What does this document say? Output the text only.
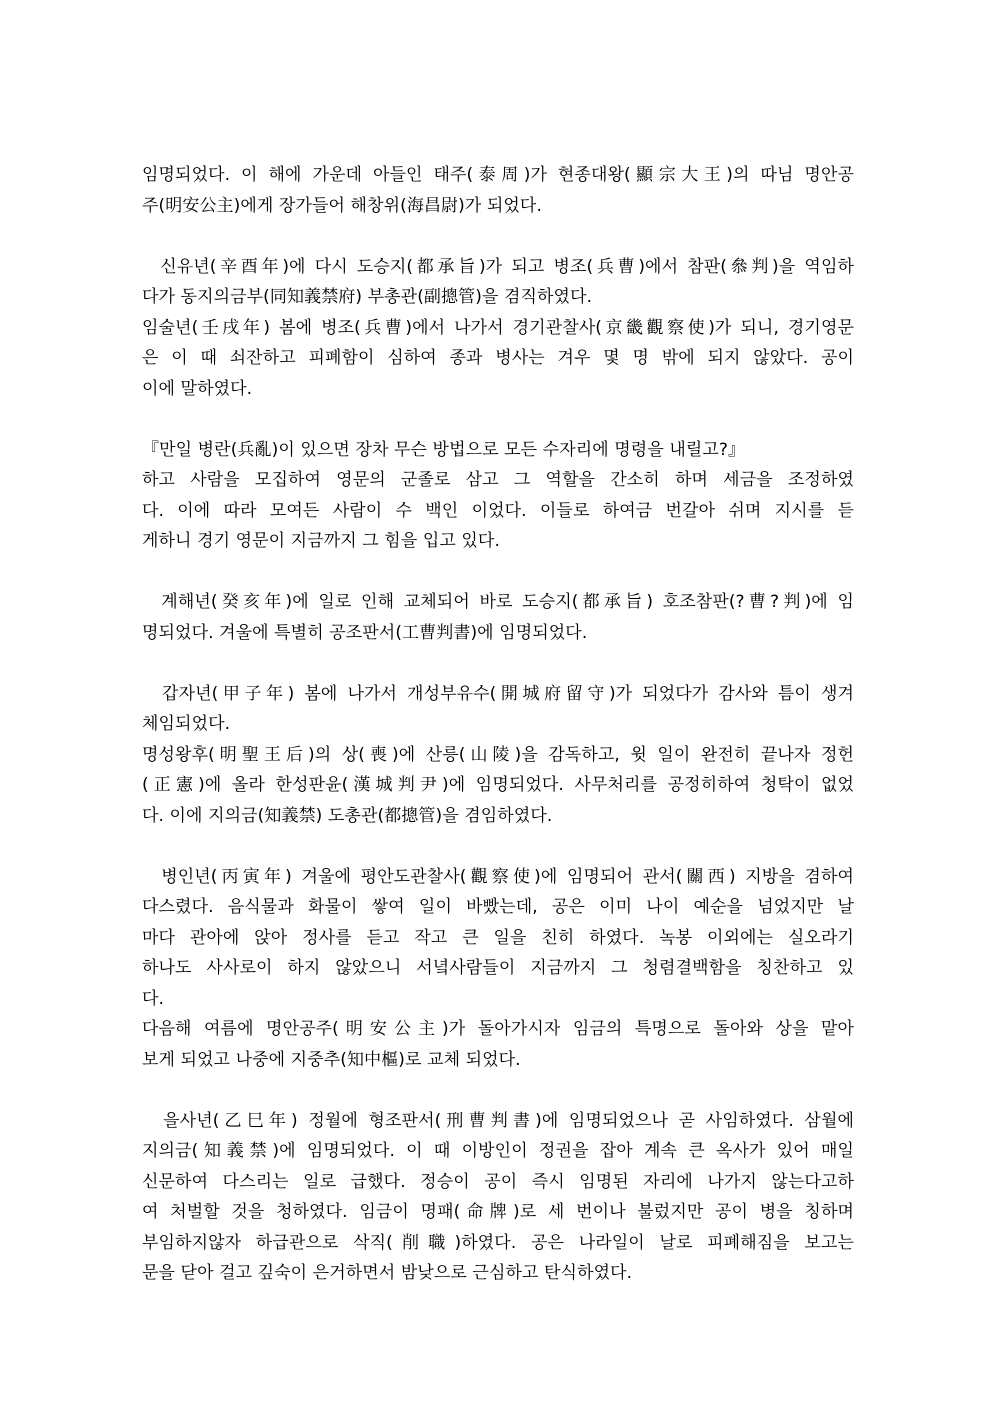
임명되었다. 이 해에 가운데 아들인 태주(泰周)가 현종대왕(顯宗大王)의 따님 명안공
주(明安公主)에게 장가들어 해창위(海昌尉)가 되었다.
신유년(辛酉年)에 다시 도승지(都承旨)가 되고 병조(兵曹)에서 참판(叅判)을 역임하
다가 동지의금부(同知義禁府) 부총관(副摠管)을 겸직하였다.
임술년(壬戌年) 봄에 병조(兵曹)에서 나가서 경기관찰사(京畿觀察使)가 되니, 경기영문
은 이 때 쇠잔하고 피폐함이 심하여 종과 병사는 겨우 몇 명 밖에 되지 않았다. 공이
이에 말하였다.
『만일 병란(兵亂)이 있으면 장차 무슨 방법으로 모든 수자리에 명령을 내릴고?』
하고 사람을 모집하여 영문의 군졸로 삼고 그 역할을 간소히 하며 세금을 조정하였
다. 이에 따라 모여든 사람이 수 백인 이었다. 이들로 하여금 번갈아 쉬며 지시를 듣
게하니 경기 영문이 지금까지 그 힘을 입고 있다.
계해년(癸亥年)에 일로 인해 교체되어 바로 도승지(都承旨) 호조참판(?曹?判)에 임
명되었다. 겨울에 특별히 공조판서(工曹判書)에 임명되었다.
갑자년(甲子年) 봄에 나가서 개성부유수(開城府留守)가 되었다가 감사와 틈이 생겨
체임되었다.
명성왕후(明聖王后)의 상(喪)에 산릉(山陵)을 감독하고, 윗 일이 완전히 끝나자 정헌
(正憲)에 올라 한성판윤(漢城判尹)에 임명되었다. 사무처리를 공정히하여 청탁이 없었
다. 이에 지의금(知義禁) 도총관(都摠管)을 겸임하였다.
병인년(丙寅年) 겨울에 평안도관찰사(觀察使)에 임명되어 관서(關西) 지방을 겸하여
다스렸다. 음식물과 화물이 쌓여 일이 바빴는데, 공은 이미 나이 예순을 넘었지만 날
마다 관아에 앉아 정사를 듣고 작고 큰 일을 친히 하였다. 녹봉 이외에는 실오라기
하나도 사사로이 하지 않았으니 서녘사람들이 지금까지 그 청렴결백함을 칭찬하고 있
다.
다음해 여름에 명안공주(明安公主)가 돌아가시자 임금의 특명으로 돌아와 상을 맡아
보게 되었고 나중에 지중추(知中樞)로 교체 되었다.
을사년(乙巳年) 정월에 형조판서(刑曹判書)에 임명되었으나 곧 사임하였다. 삼월에
지의금(知義禁)에 임명되었다. 이 때 이방인이 정권을 잡아 계속 큰 옥사가 있어 매일
신문하여 다스리는 일로 급했다. 정승이 공이 즉시 임명된 자리에 나가지 않는다고하
여 처벌할 것을 청하였다. 임금이 명패(命牌)로 세 번이나 불렀지만 공이 병을 칭하며
부임하지않자 하급관으로 삭직(削職)하였다. 공은 나라일이 날로 피폐해짐을 보고는
문을 닫아 걸고 깊숙이 은거하면서 밤낮으로 근심하고 탄식하였다.
